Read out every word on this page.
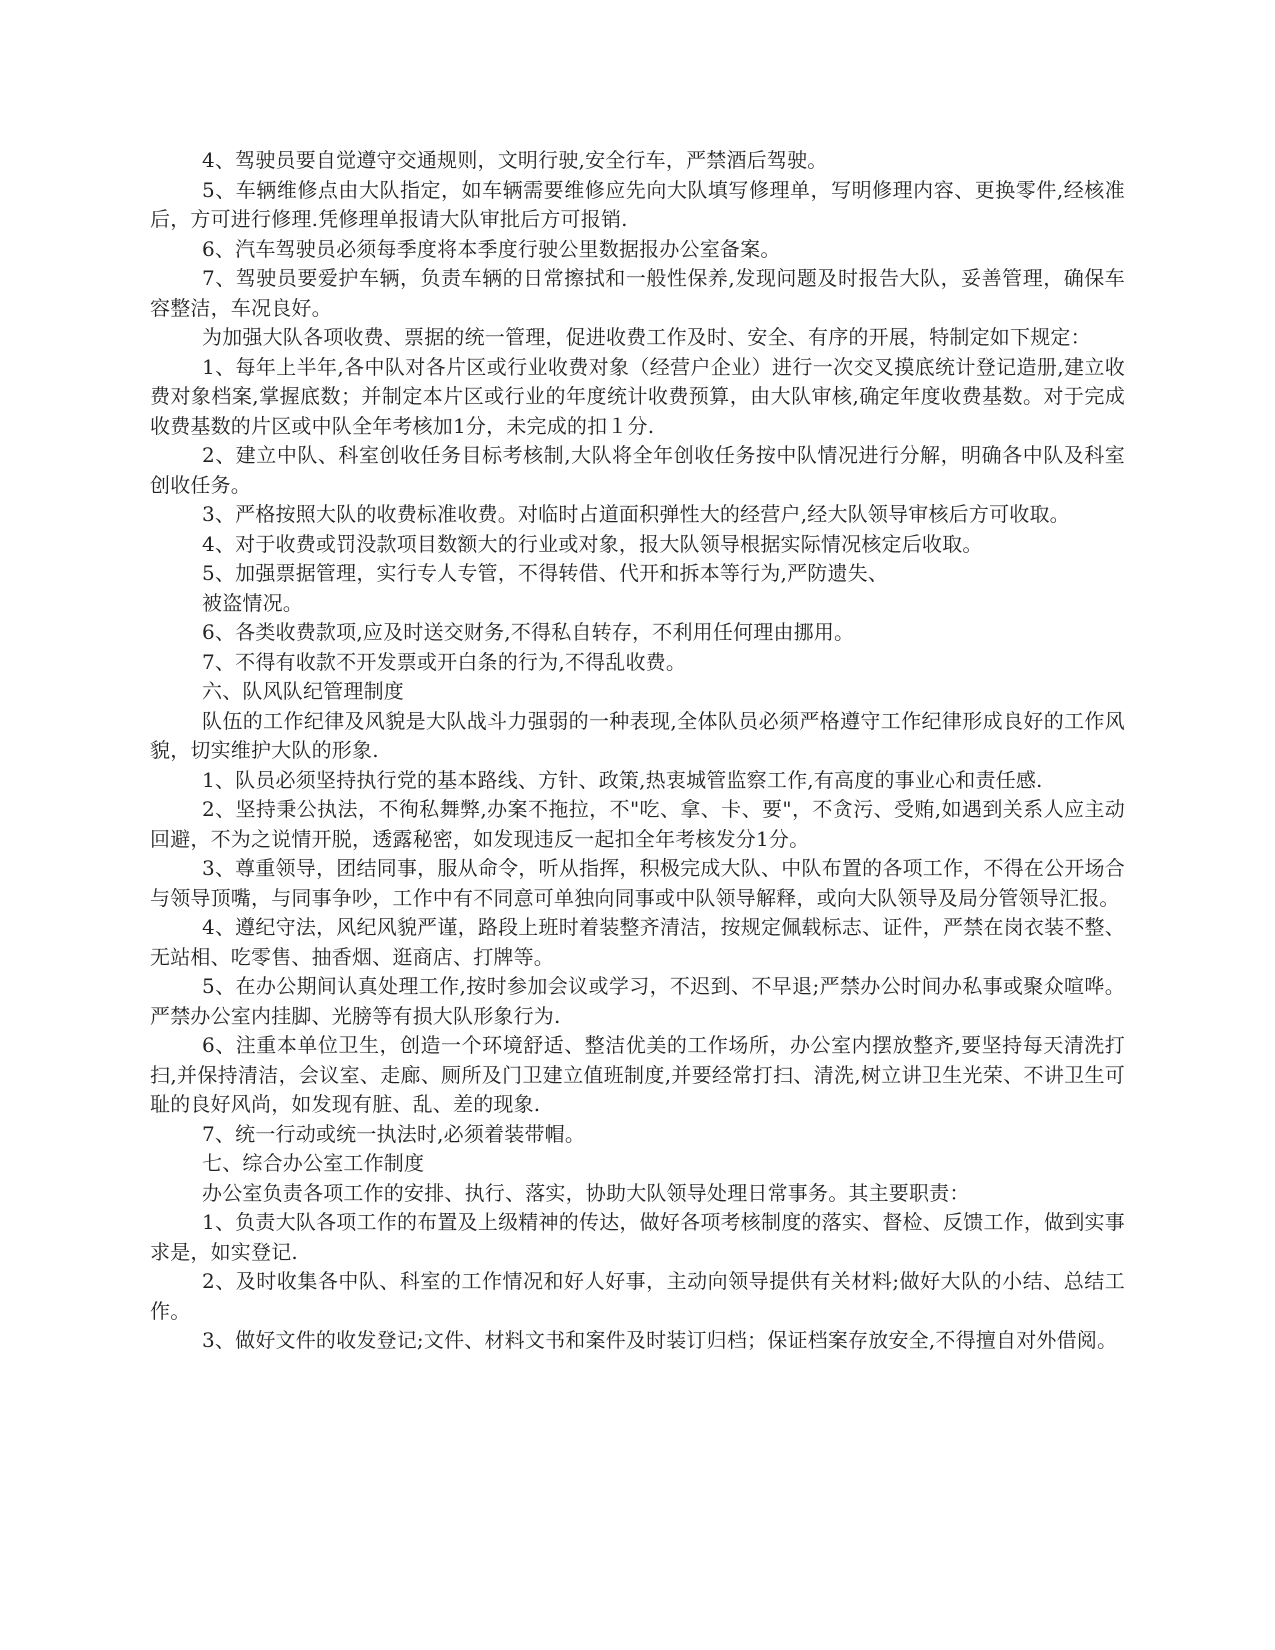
4、驾驶员要自觉遵守交通规则，文明行驶,安全行车，严禁酒后驾驶。

5、车辆维修点由大队指定，如车辆需要维修应先向大队填写修理单，写明修理内容、更换零件,经核准后，方可进行修理.凭修理单报请大队审批后方可报销.

6、汽车驾驶员必须每季度将本季度行驶公里数据报办公室备案。

7、驾驶员要爱护车辆，负责车辆的日常擦拭和一般性保养,发现问题及时报告大队，妥善管理，确保车容整洁，车况良好。

为加强大队各项收费、票据的统一管理，促进收费工作及时、安全、有序的开展，特制定如下规定：

1、每年上半年,各中队对各片区或行业收费对象（经营户企业）进行一次交叉摸底统计登记造册,建立收费对象档案,掌握底数；并制定本片区或行业的年度统计收费预算，由大队审核,确定年度收费基数。对于完成收费基数的片区或中队全年考核加1分，未完成的扣１分.

2、建立中队、科室创收任务目标考核制,大队将全年创收任务按中队情况进行分解，明确各中队及科室创收任务。

3、严格按照大队的收费标准收费。对临时占道面积弹性大的经营户,经大队领导审核后方可收取。

4、对于收费或罚没款项目数额大的行业或对象，报大队领导根据实际情况核定后收取。

5、加强票据管理，实行专人专管，不得转借、代开和拆本等行为,严防遗失、

被盗情况。

6、各类收费款项,应及时送交财务,不得私自转存，不利用任何理由挪用。

7、不得有收款不开发票或开白条的行为,不得乱收费。

六、队风队纪管理制度

队伍的工作纪律及风貌是大队战斗力强弱的一种表现,全体队员必须严格遵守工作纪律形成良好的工作风貌，切实维护大队的形象.

1、队员必须坚持执行党的基本路线、方针、政策,热衷城管监察工作,有高度的事业心和责任感.

2、坚持秉公执法，不徇私舞弊,办案不拖拉，不"吃、拿、卡、要"，不贪污、受贿,如遇到关系人应主动回避，不为之说情开脱，透露秘密，如发现违反一起扣全年考核发分1分。

3、尊重领导，团结同事，服从命令，听从指挥，积极完成大队、中队布置的各项工作，不得在公开场合与领导顶嘴，与同事争吵，工作中有不同意可单独向同事或中队领导解释，或向大队领导及局分管领导汇报。

4、遵纪守法，风纪风貌严谨，路段上班时着装整齐清洁，按规定佩载标志、证件，严禁在岗衣装不整、无站相、吃零售、抽香烟、逛商店、打牌等。

5、在办公期间认真处理工作,按时参加会议或学习，不迟到、不早退;严禁办公时间办私事或聚众喧哗。严禁办公室内挂脚、光膀等有损大队形象行为.

6、注重本单位卫生，创造一个环境舒适、整洁优美的工作场所，办公室内摆放整齐,要坚持每天清洗打扫,并保持清洁，会议室、走廊、厕所及门卫建立值班制度,并要经常打扫、清洗,树立讲卫生光荣、不讲卫生可耻的良好风尚，如发现有脏、乱、差的现象.

7、统一行动或统一执法时,必须着装带帽。

七、综合办公室工作制度

办公室负责各项工作的安排、执行、落实，协助大队领导处理日常事务。其主要职责：

1、负责大队各项工作的布置及上级精神的传达，做好各项考核制度的落实、督检、反馈工作，做到实事求是，如实登记.

2、及时收集各中队、科室的工作情况和好人好事，主动向领导提供有关材料;做好大队的小结、总结工作。

3、做好文件的收发登记;文件、材料文书和案件及时装订归档；保证档案存放安全,不得擅自对外借阅。
